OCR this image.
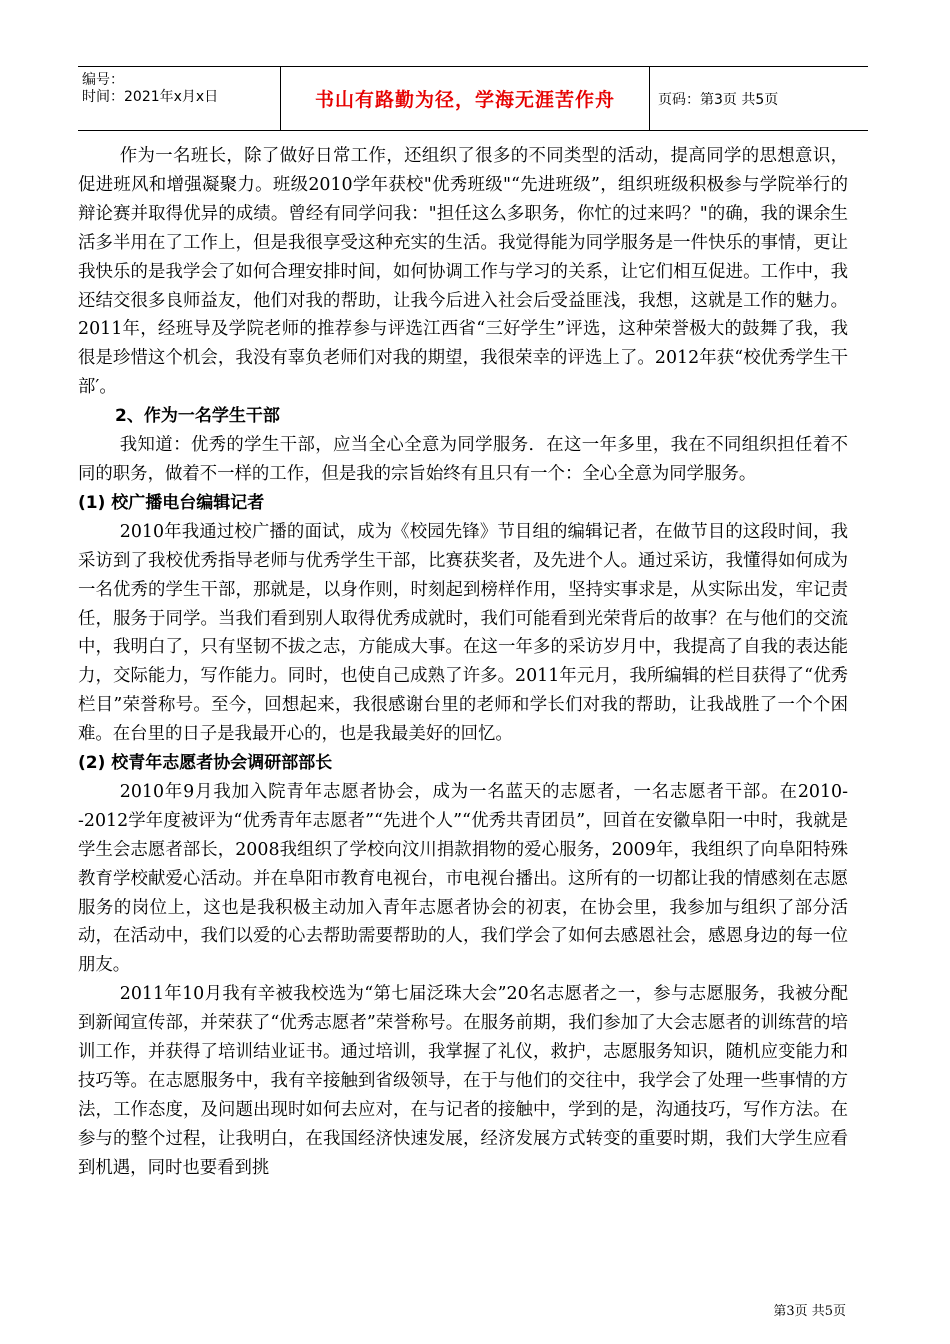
编号：
时间：2021年x月x日	书山有路勤为径，学海无涯苦作舟	页码：第3页 共5页

作为一名班长，除了做好日常工作，还组织了很多的不同类型的活动，提高同学的思想意识，促进班风和增强凝聚力。班级2010学年获校"优秀班级"“先进班级”，组织班级积极参与学院举行的辩论赛并取得优异的成绩。曾经有同学问我："担任这么多职务，你忙的过来吗？"的确，我的课余生活多半用在了工作上，但是我很享受这种充实的生活。我觉得能为同学服务是一件快乐的事情，更让我快乐的是我学会了如何合理安排时间，如何协调工作与学习的关系，让它们相互促进。工作中，我还结交很多良师益友，他们对我的帮助，让我今后进入社会后受益匪浅，我想，这就是工作的魅力。2011年，经班导及学院老师的推荐参与评选江西省“三好学生”评选，这种荣誉极大的鼓舞了我，我很是珍惜这个机会，我没有辜负老师们对我的期望，我很荣幸的评选上了。2012年获“校优秀学生干部′。

2、作为一名学生干部

我知道：优秀的学生干部，应当全心全意为同学服务．在这一年多里，我在不同组织担任着不同的职务，做着不一样的工作，但是我的宗旨始终有且只有一个：全心全意为同学服务。

(1) 校广播电台编辑记者

2010年我通过校广播的面试，成为《校园先锋》节目组的编辑记者，在做节目的这段时间，我采访到了我校优秀指导老师与优秀学生干部，比赛获奖者，及先进个人。通过采访，我懂得如何成为一名优秀的学生干部，那就是，以身作则，时刻起到榜样作用，坚持实事求是，从实际出发，牢记责任，服务于同学。当我们看到别人取得优秀成就时，我们可能看到光荣背后的故事？在与他们的交流中，我明白了，只有坚韧不拔之志，方能成大事。在这一年多的采访岁月中，我提高了自我的表达能力，交际能力，写作能力。同时，也使自己成熟了许多。2011年元月，我所编辑的栏目获得了“优秀栏目”荣誉称号。至今，回想起来，我很感谢台里的老师和学长们对我的帮助，让我战胜了一个个困难。在台里的日子是我最开心的，也是我最美好的回忆。

(2) 校青年志愿者协会调研部部长

2010年9月我加入院青年志愿者协会，成为一名蓝天的志愿者，一名志愿者干部。在2010--2012学年度被评为“优秀青年志愿者”“先进个人”“优秀共青团员”，回首在安徽阜阳一中时，我就是学生会志愿者部长，2008我组织了学校向汶川捐款捐物的爱心服务，2009年，我组织了向阜阳特殊教育学校献爱心活动。并在阜阳市教育电视台，市电视台播出。这所有的一切都让我的情感刻在志愿服务的岗位上，这也是我积极主动加入青年志愿者协会的初衷，在协会里，我参加与组织了部分活动，在活动中，我们以爱的心去帮助需要帮助的人，我们学会了如何去感恩社会，感恩身边的每一位朋友。

2011年10月我有辛被我校选为“第七届泛珠大会”20名志愿者之一，参与志愿服务，我被分配到新闻宣传部，并荣获了“优秀志愿者”荣誉称号。在服务前期，我们参加了大会志愿者的训练营的培训工作，并获得了培训结业证书。通过培训，我掌握了礼仪，救护，志愿服务知识，随机应变能力和技巧等。在志愿服务中，我有辛接触到省级领导，在于与他们的交往中，我学会了处理一些事情的方法，工作态度，及问题出现时如何去应对，在与记者的接触中，学到的是，沟通技巧，写作方法。在参与的整个过程，让我明白，在我国经济快速发展，经济发展方式转变的重要时期，我们大学生应看到机遇，同时也要看到挑

第3页 共5页
